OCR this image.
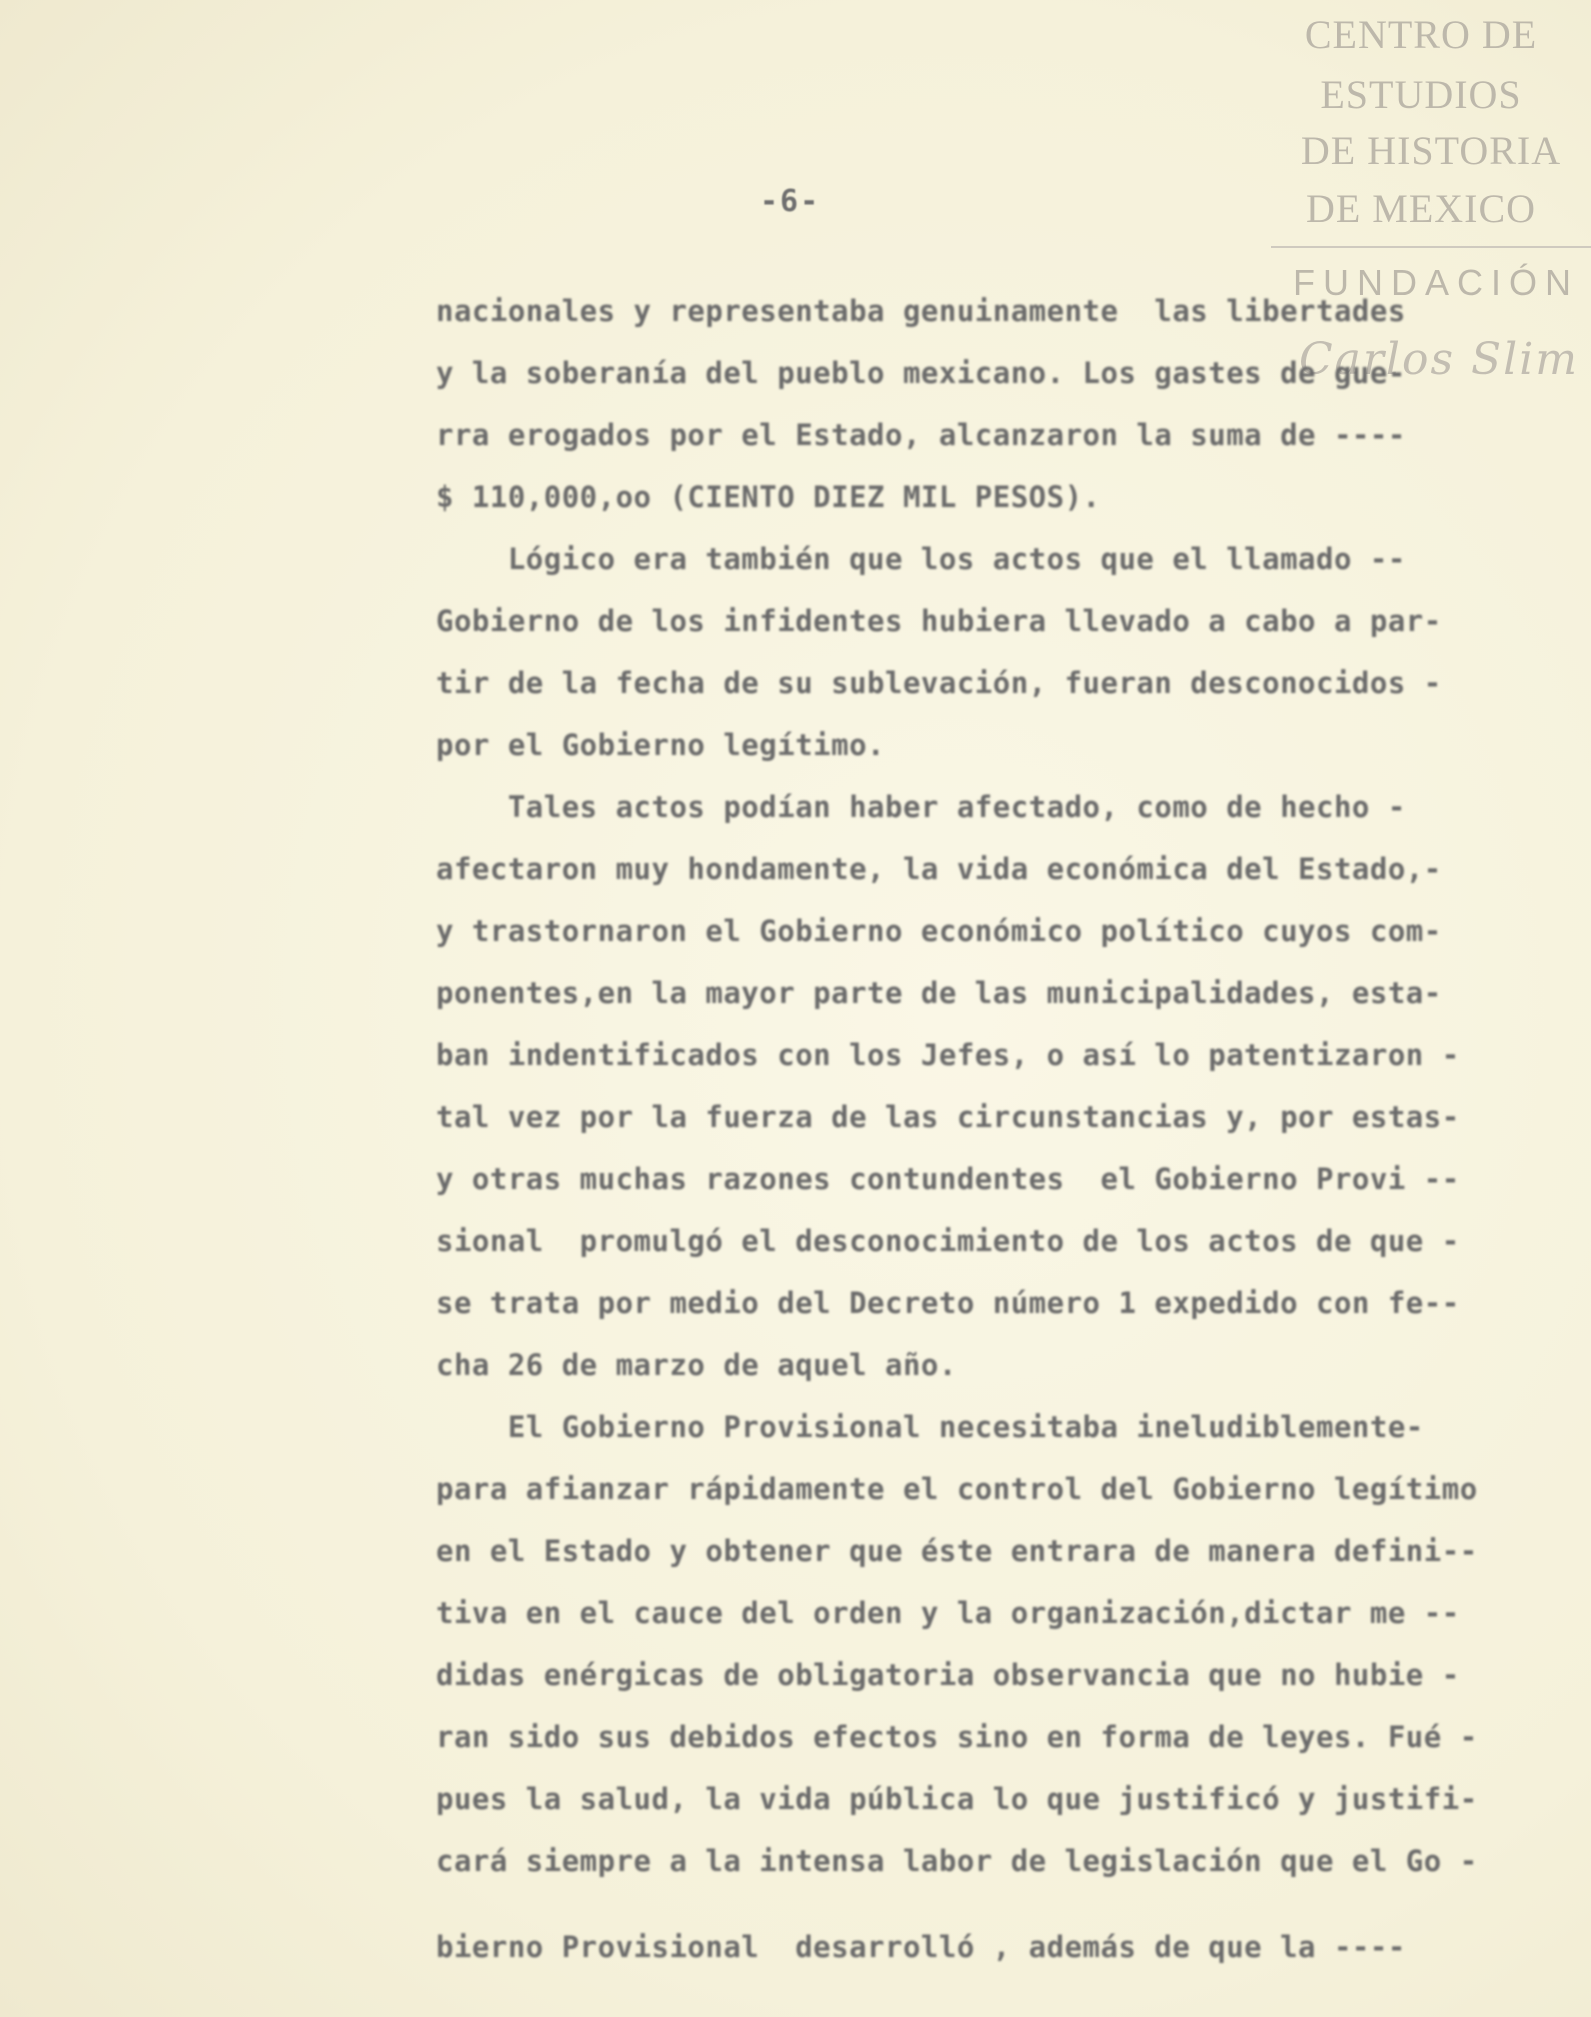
CENTRO DE
ESTUDIOS
DE HISTORIA
DE MEXICO
FUNDACIÓN
Carlos Slim
-6-
nacionales y representaba genuinamente  las libertades
y la soberanía del pueblo mexicano. Los gastes de gue-
rra erogados por el Estado, alcanzaron la suma de ----
$ 110,000,oo (CIENTO DIEZ MIL PESOS).
Lógico era también que los actos que el llamado --
Gobierno de los infidentes hubiera llevado a cabo a par-
tir de la fecha de su sublevación, fueran desconocidos -
por el Gobierno legítimo.
Tales actos podían haber afectado, como de hecho -
afectaron muy hondamente, la vida económica del Estado,-
y trastornaron el Gobierno económico político cuyos com-
ponentes,en la mayor parte de las municipalidades, esta-
ban indentificados con los Jefes, o así lo patentizaron -
tal vez por la fuerza de las circunstancias y, por estas-
y otras muchas razones contundentes  el Gobierno Provi --
sional  promulgó el desconocimiento de los actos de que -
se trata por medio del Decreto número 1 expedido con fe--
cha 26 de marzo de aquel año.
El Gobierno Provisional necesitaba ineludiblemente-
para afianzar rápidamente el control del Gobierno legítimo
en el Estado y obtener que éste entrara de manera defini--
tiva en el cauce del orden y la organización,dictar me --
didas enérgicas de obligatoria observancia que no hubie -
ran sido sus debidos efectos sino en forma de leyes. Fué -
pues la salud, la vida pública lo que justificó y justifi-
cará siempre a la intensa labor de legislación que el Go -
bierno Provisional  desarrolló , además de que la ----
